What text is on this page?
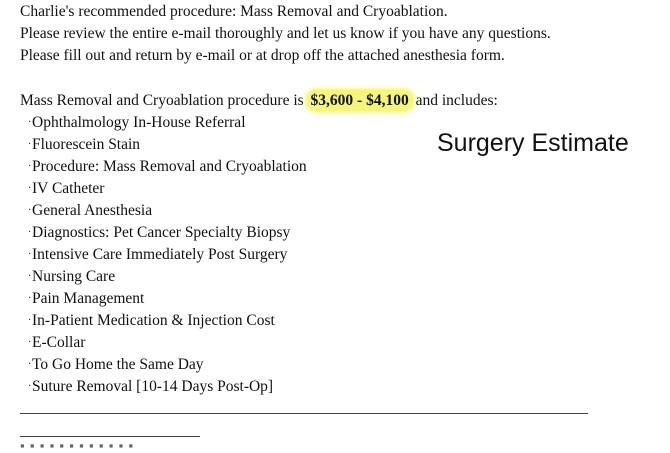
Charlie's recommended procedure: Mass Removal and Cryoablation.
Please review the entire e-mail thoroughly and let us know if you have any questions.
Please fill out and return by e-mail or at drop off the attached anesthesia form.
Mass Removal and Cryoablation procedure is $3,600 - $4,100 and includes:
·Ophthalmology In-House Referral
·Fluorescein Stain
·Procedure: Mass Removal and Cryoablation
·IV Catheter
·General Anesthesia
·Diagnostics: Pet Cancer Specialty Biopsy
·Intensive Care Immediately Post Surgery
·Nursing Care
·Pain Management
·In-Patient Medication & Injection Cost
·E-Collar
·To Go Home the Same Day
·Suture Removal [10-14 Days Post-Op]
Surgery Estimate
▪ ▪ ▪ ▪ ▪ ▪ ▪ ▪ ▪ ▪ ▪ ▪
